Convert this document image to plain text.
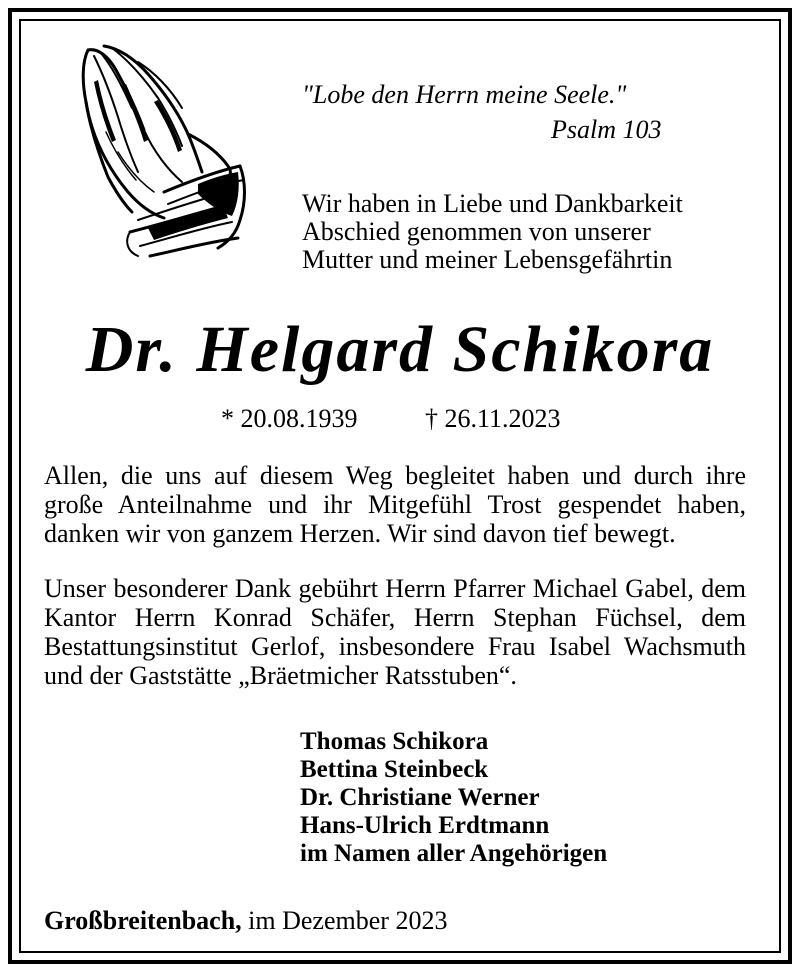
"Lobe den Herrn meine Seele."
Psalm 103
Wir haben in Liebe und Dankbarkeit
Abschied genommen von unserer
Mutter und meiner Lebensgefährtin
Dr. Helgard Schikora
* 20.08.1939	† 26.11.2023
Allen, die uns auf diesem Weg begleitet haben und durch ihre große Anteilnahme und ihr Mitgefühl Trost gespendet haben, danken wir von ganzem Herzen. Wir sind davon tief bewegt.
Unser besonderer Dank gebührt Herrn Pfarrer Michael Gabel, dem Kantor Herrn Konrad Schäfer, Herrn Stephan Füchsel, dem Bestattungsinstitut Gerlof, insbesondere Frau Isabel Wachsmuth und der Gaststätte „Bräetmicher Ratsstuben“.
Thomas Schikora
Bettina Steinbeck
Dr. Christiane Werner
Hans-Ulrich Erdtmann
im Namen aller Angehörigen
Großbreitenbach, im Dezember 2023
